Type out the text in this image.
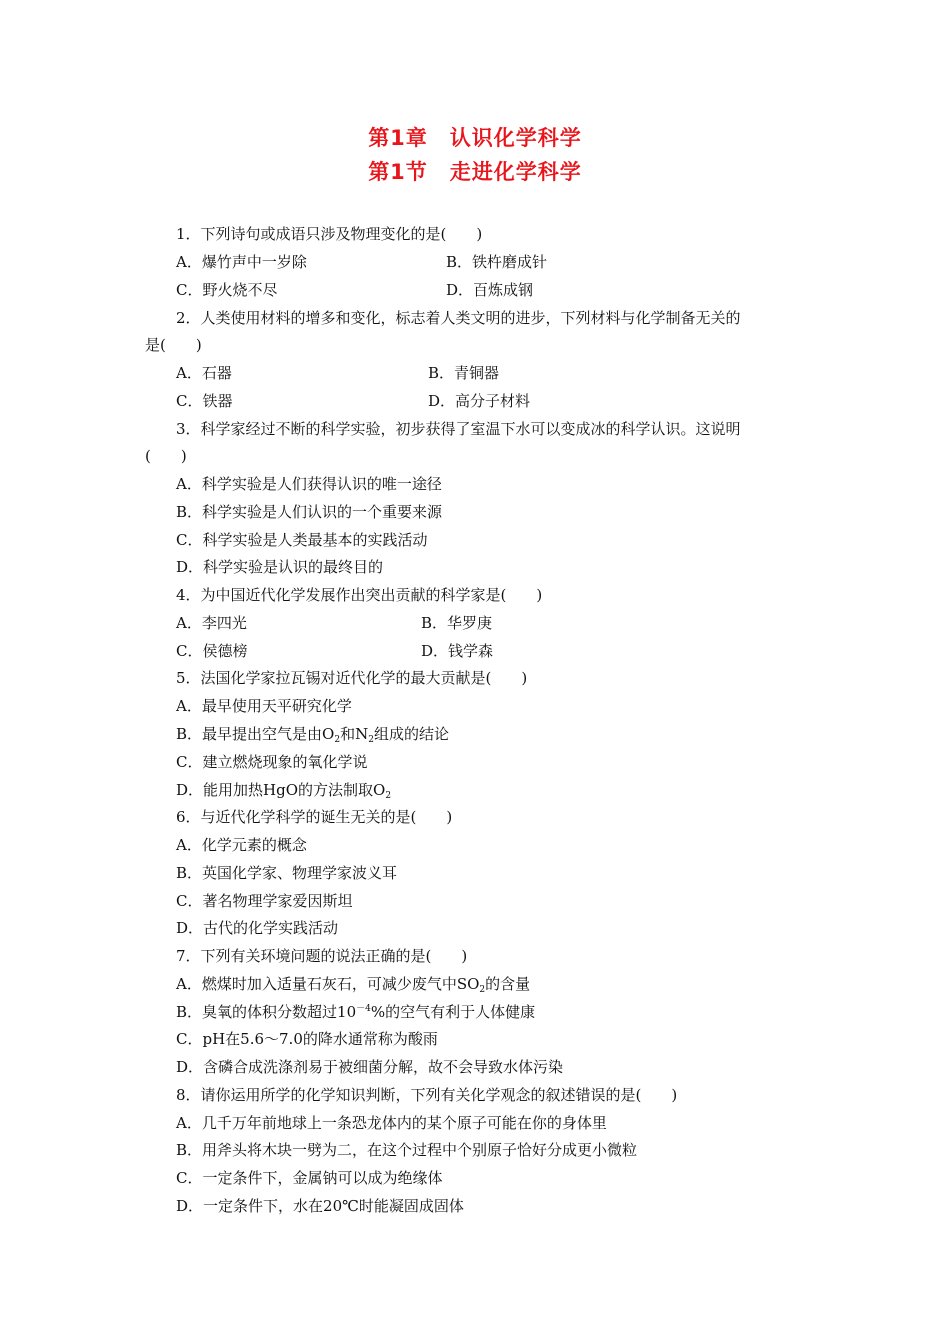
第1章　认识化学科学
第1节　走进化学科学
1．下列诗句或成语只涉及物理变化的是(　　)
A．爆竹声中一岁除	B．铁杵磨成针
C．野火烧不尽	D．百炼成钢
2．人类使用材料的增多和变化，标志着人类文明的进步，下列材料与化学制备无关的
是(　　)
A．石器	B．青铜器
C．铁器	D．高分子材料
3．科学家经过不断的科学实验，初步获得了室温下水可以变成冰的科学认识。这说明
(　　)
A．科学实验是人们获得认识的唯一途径
B．科学实验是人们认识的一个重要来源
C．科学实验是人类最基本的实践活动
D．科学实验是认识的最终目的
4．为中国近代化学发展作出突出贡献的科学家是(　　)
A．李四光	B．华罗庚
C．侯德榜	D．钱学森
5．法国化学家拉瓦锡对近代化学的最大贡献是(　　)
A．最早使用天平研究化学
B．最早提出空气是由$O_2$和$N_2$组成的结论
C．建立燃烧现象的氧化学说
D．能用加热HgO的方法制取$O_2$
6．与近代化学科学的诞生无关的是(　　)
A．化学元素的概念
B．英国化学家、物理学家波义耳
C．著名物理学家爱因斯坦
D．古代的化学实践活动
7．下列有关环境问题的说法正确的是(　　)
A．燃煤时加入适量石灰石，可减少废气中$SO_2$的含量
B．臭氧的体积分数超过$10^{-4}\%$的空气有利于人体健康
C．pH在5.6～7.0的降水通常称为酸雨
D．含磷合成洗涤剂易于被细菌分解，故不会导致水体污染
8．请你运用所学的化学知识判断，下列有关化学观念的叙述错误的是(　　)
A．几千万年前地球上一条恐龙体内的某个原子可能在你的身体里
B．用斧头将木块一劈为二，在这个过程中个别原子恰好分成更小微粒
C．一定条件下，金属钠可以成为绝缘体
D．一定条件下，水在20℃时能凝固成固体
